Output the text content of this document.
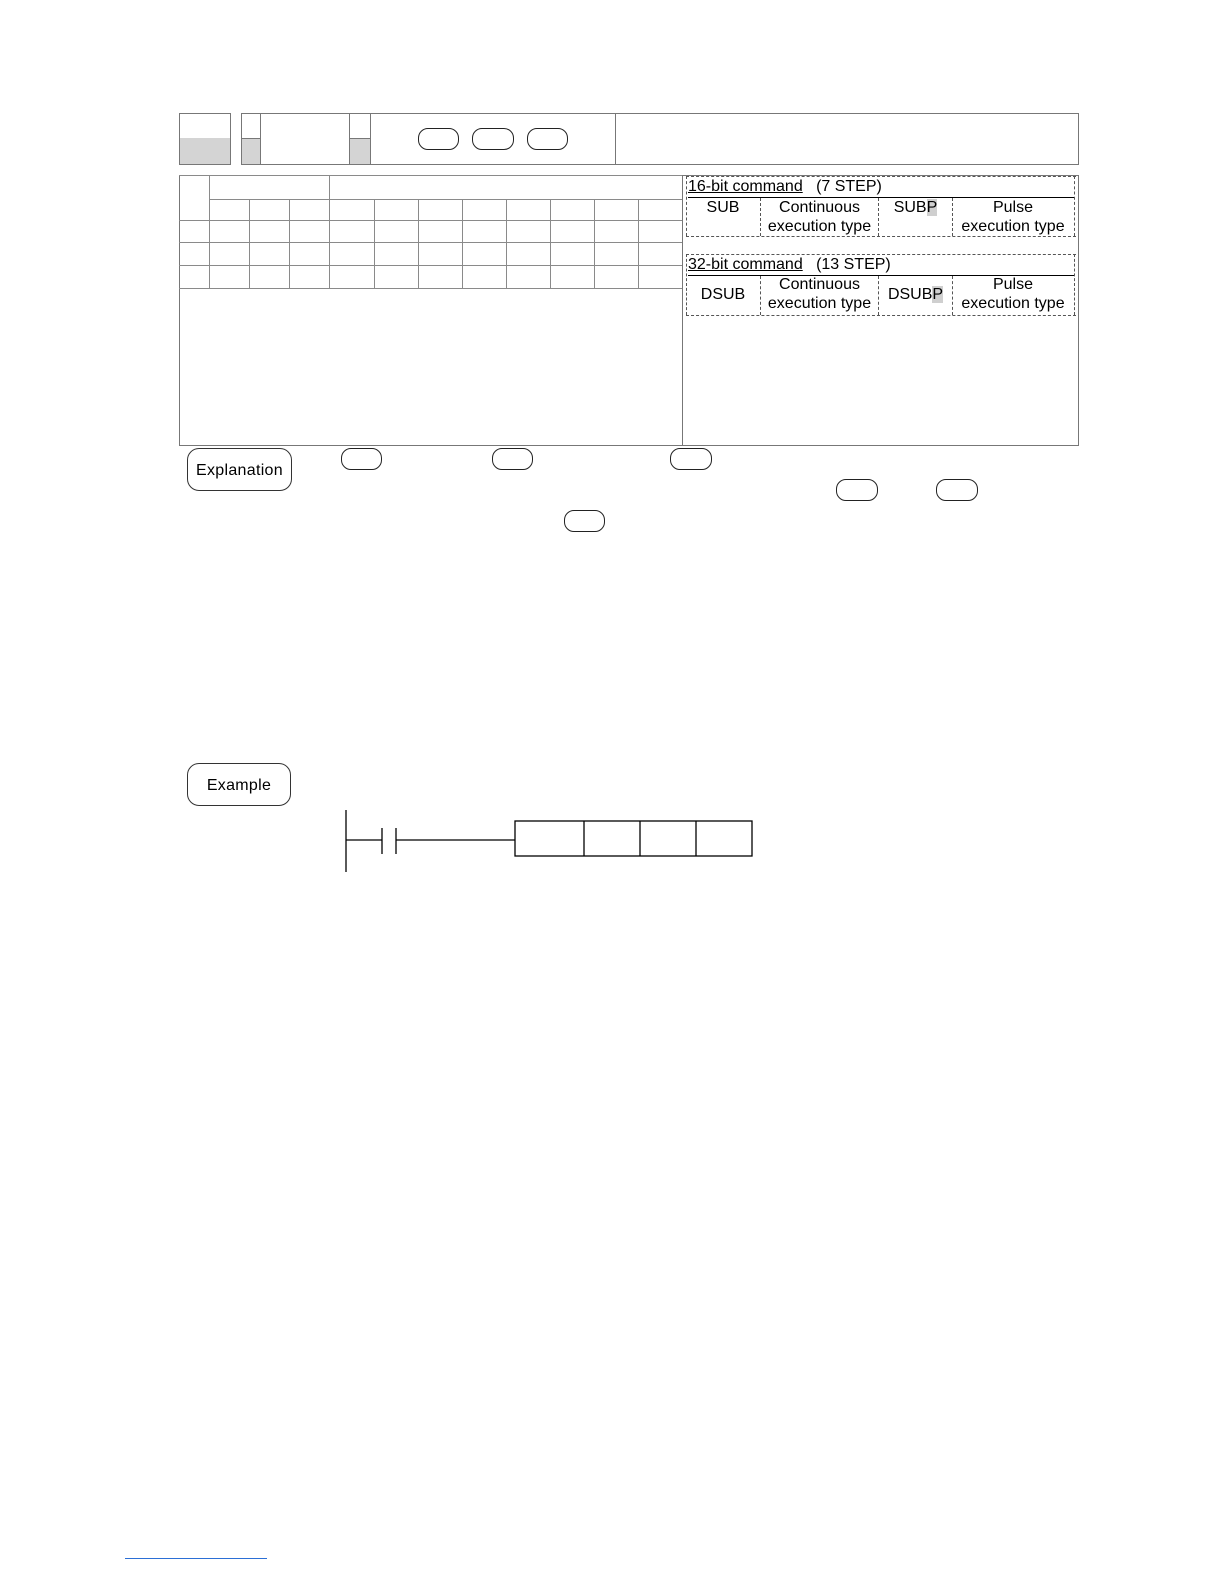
16-bit command (7 STEP)
SUB	Continuous
execution type
SUBP	Pulse
execution type
32-bit command (13 STEP)
DSUB
Continuous
execution type
DSUBP
Pulse
execution type
Explanation
Example
